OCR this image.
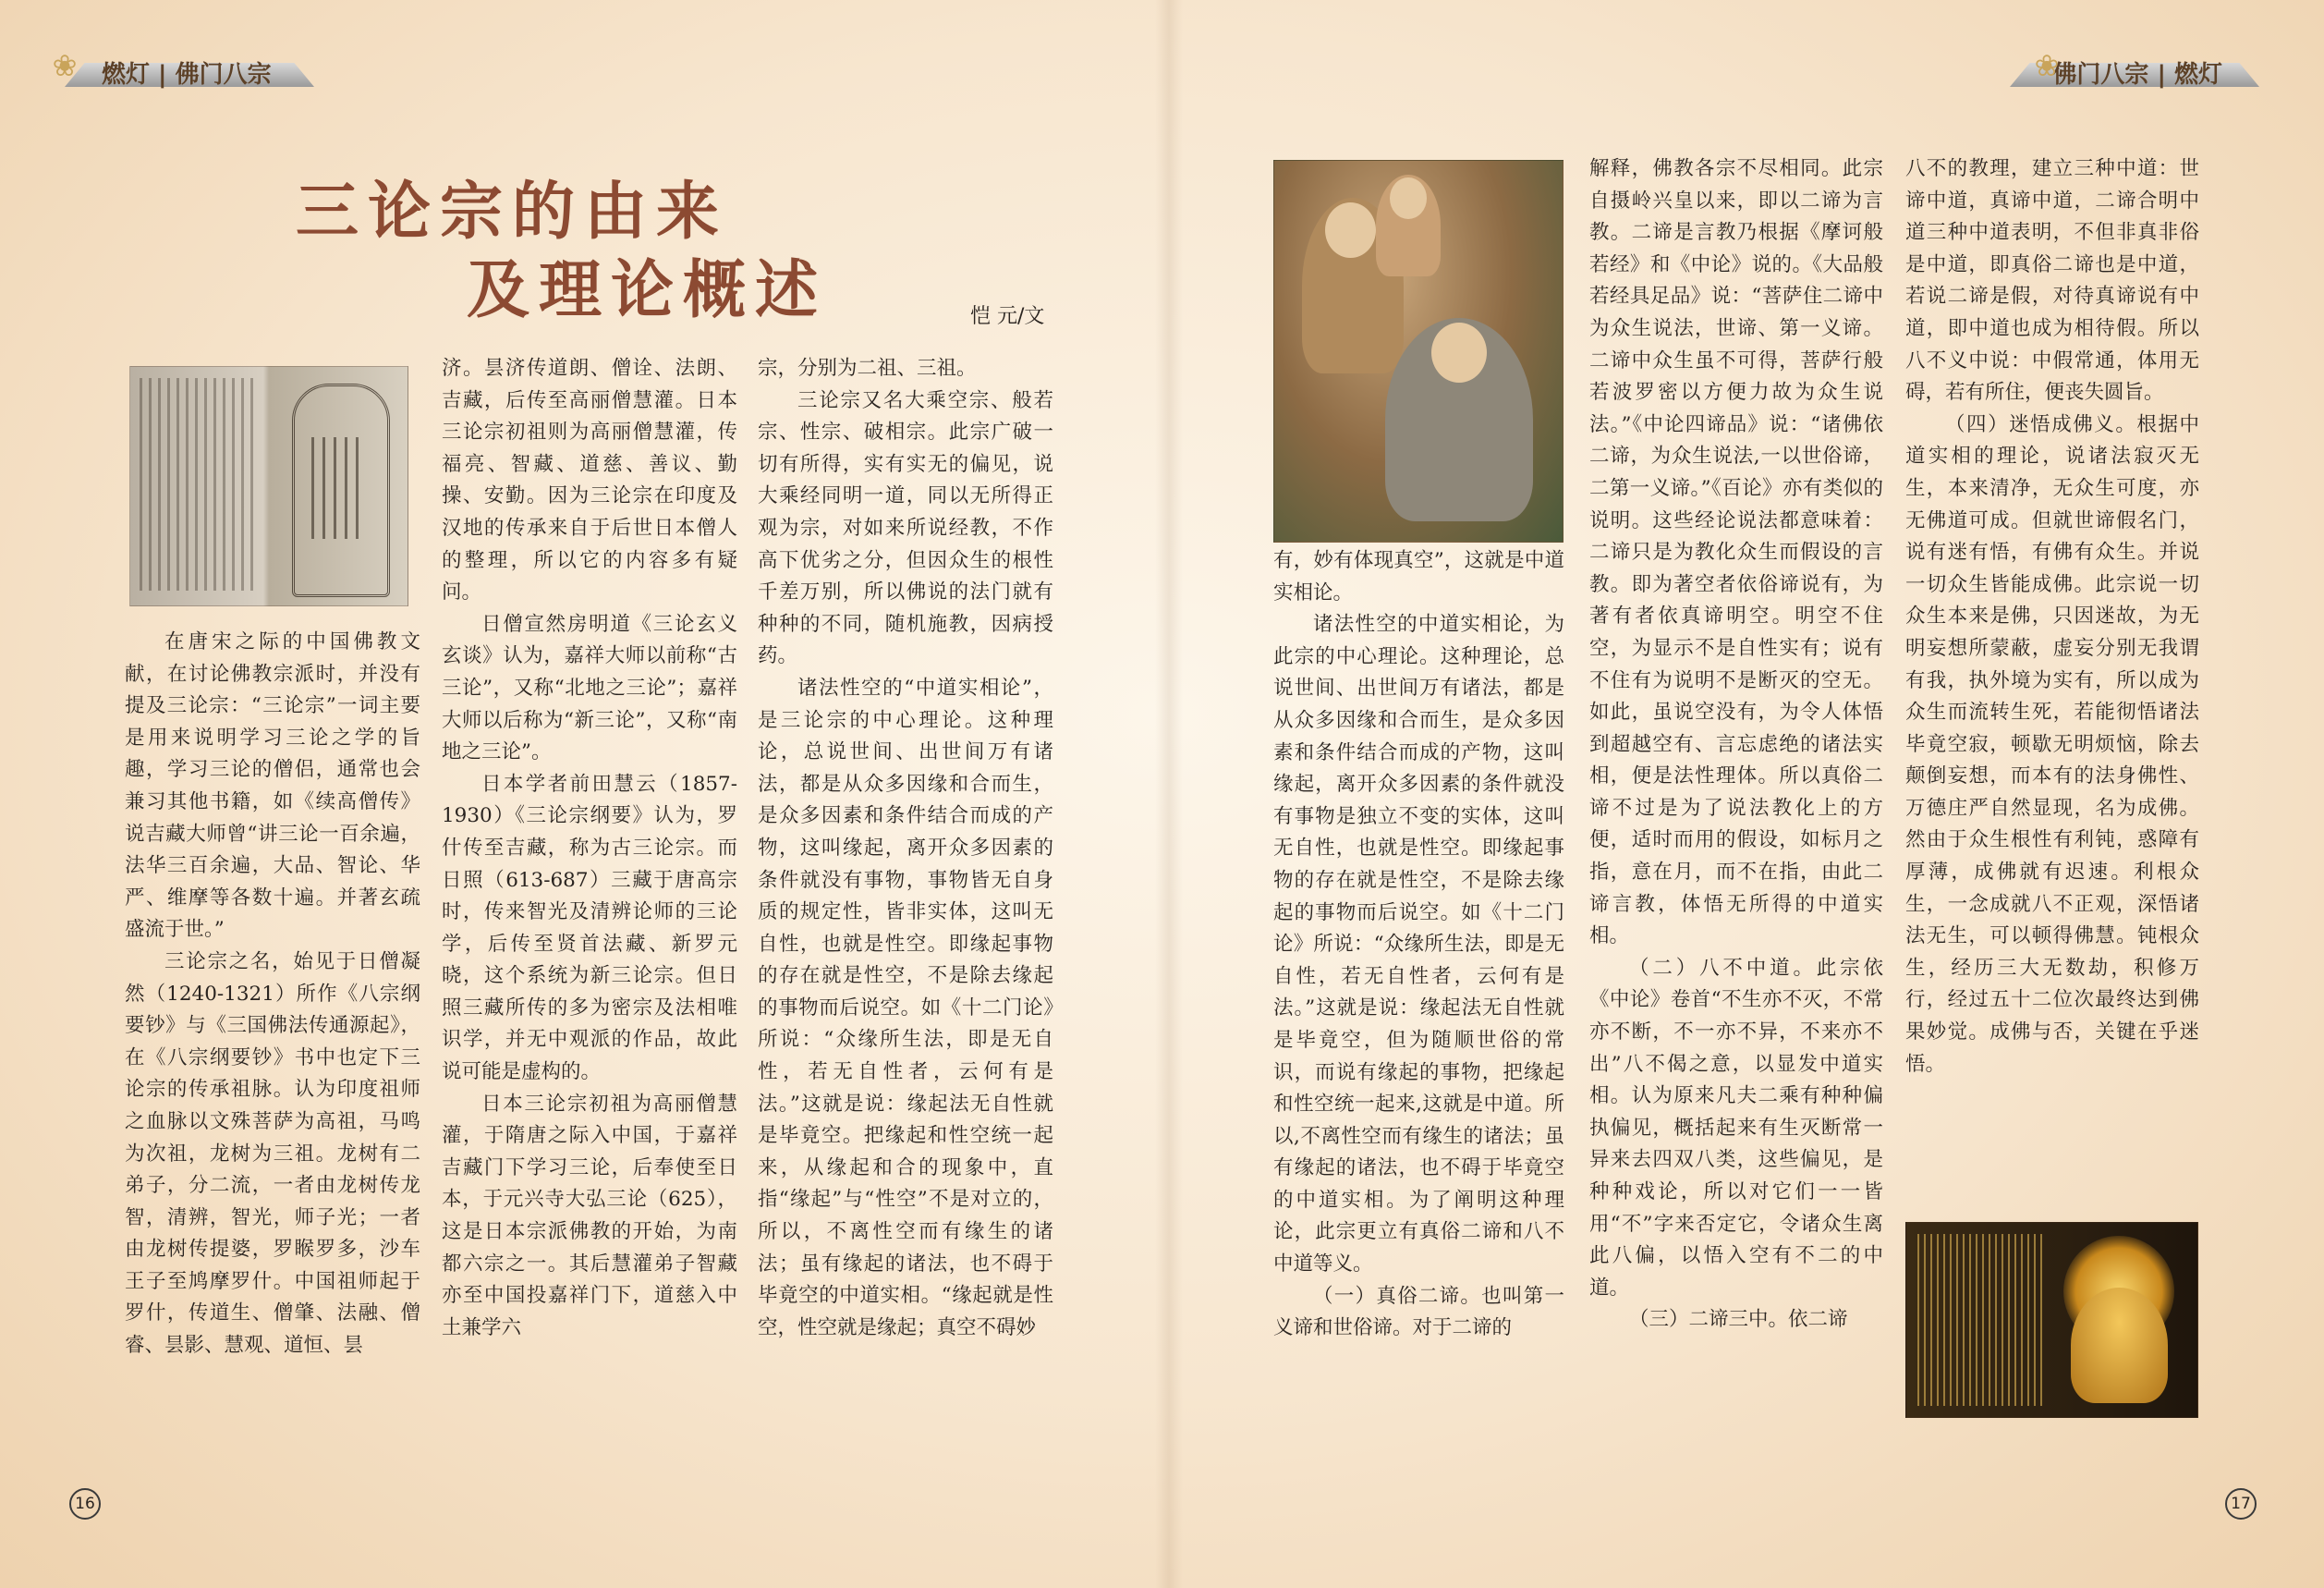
❀	燃灯 | 佛门八宗	❀
佛门八宗 | 燃灯
三论宗的由来
及理论概述	恺 元/文

在唐宋之际的中国佛教文献，在讨论佛教宗派时，并没有提及三论宗：“三论宗”一词主要是用来说明学习三论之学的旨趣，学习三论的僧侣，通常也会兼习其他书籍，如《续高僧传》说吉藏大师曾“讲三论一百余遍，法华三百余遍，大品、智论、华严、维摩等各数十遍。并著玄疏盛流于世。”

三论宗之名，始见于日僧凝然（1240-1321）所作《八宗纲要钞》与《三国佛法传通源起》，在《八宗纲要钞》书中也定下三论宗的传承祖脉。认为印度祖师之血脉以文殊菩萨为高祖，马鸣为次祖，龙树为三祖。龙树有二弟子，分二流，一者由龙树传龙智，清辨，智光，师子光；一者由龙树传提婆，罗睺罗多，沙车王子至鸠摩罗什。中国祖师起于罗什，传道生、僧肇、法融、僧睿、昙影、慧观、道恒、昙

济。昙济传道朗、僧诠、法朗、吉藏，后传至高丽僧慧灌。日本三论宗初祖则为高丽僧慧灌，传福亮、智藏、道慈、善议、勤操、安勤。因为三论宗在印度及汉地的传承来自于后世日本僧人的整理，所以它的内容多有疑问。

日僧宣然房明道《三论玄义玄谈》认为，嘉祥大师以前称“古三论”，又称“北地之三论”；嘉祥大师以后称为“新三论”，又称“南地之三论”。

日本学者前田慧云（1857-1930）《三论宗纲要》认为，罗什传至吉藏，称为古三论宗。而日照（613-687）三藏于唐高宗时，传来智光及清辨论师的三论学，后传至贤首法藏、新罗元晓，这个系统为新三论宗。但日照三藏所传的多为密宗及法相唯识学，并无中观派的作品，故此说可能是虚构的。

日本三论宗初祖为高丽僧慧灌，于隋唐之际入中国，于嘉祥吉藏门下学习三论，后奉使至日本，于元兴寺大弘三论（625），这是日本宗派佛教的开始，为南都六宗之一。其后慧灌弟子智藏亦至中国投嘉祥门下，道慈入中土兼学六

宗，分别为二祖、三祖。

三论宗又名大乘空宗、般若宗、性宗、破相宗。此宗广破一切有所得，实有实无的偏见，说大乘经同明一道，同以无所得正观为宗，对如来所说经教，不作高下优劣之分，但因众生的根性千差万别，所以佛说的法门就有种种的不同，随机施教，因病授药。

诸法性空的“中道实相论”，是三论宗的中心理论。这种理论，总说世间、出世间万有诸法，都是从众多因缘和合而生，是众多因素和条件结合而成的产物，这叫缘起，离开众多因素的条件就没有事物，事物皆无自身质的规定性，皆非实体，这叫无自性，也就是性空。即缘起事物的存在就是性空，不是除去缘起的事物而后说空。如《十二门论》所说：“众缘所生法，即是无自性，若无自性者，云何有是法。”这就是说：缘起法无自性就是毕竟空。把缘起和性空统一起来，从缘起和合的现象中，直指“缘起”与“性空”不是对立的，所以，不离性空而有缘生的诸法；虽有缘起的诸法，也不碍于毕竟空的中道实相。“缘起就是性空，性空就是缘起；真空不碍妙

有，妙有体现真空”，这就是中道实相论。

诸法性空的中道实相论，为此宗的中心理论。这种理论，总说世间、出世间万有诸法，都是从众多因缘和合而生，是众多因素和条件结合而成的产物，这叫缘起，离开众多因素的条件就没有事物是独立不变的实体，这叫无自性，也就是性空。即缘起事物的存在就是性空，不是除去缘起的事物而后说空。如《十二门论》所说：“众缘所生法，即是无自性，若无自性者，云何有是法。”这就是说：缘起法无自性就是毕竟空，但为随顺世俗的常识，而说有缘起的事物，把缘起和性空统一起来,这就是中道。所以,不离性空而有缘生的诸法；虽有缘起的诸法，也不碍于毕竟空的中道实相。为了阐明这种理论，此宗更立有真俗二谛和八不中道等义。

（一）真俗二谛。也叫第一义谛和世俗谛。对于二谛的

解释，佛教各宗不尽相同。此宗自摄岭兴皇以来，即以二谛为言教。二谛是言教乃根据《摩诃般若经》和《中论》说的。《大品般若经具足品》说：“菩萨住二谛中为众生说法，世谛、第一义谛。二谛中众生虽不可得，菩萨行般若波罗密以方便力故为众生说法。”《中论四谛品》说：“诸佛依二谛，为众生说法,一以世俗谛，二第一义谛。”《百论》亦有类似的说明。这些经论说法都意味着：二谛只是为教化众生而假设的言教。即为著空者依俗谛说有，为著有者依真谛明空。明空不住空，为显示不是自性实有；说有不住有为说明不是断灭的空无。如此，虽说空没有，为令人体悟到超越空有、言忘虑绝的诸法实相，便是法性理体。所以真俗二谛不过是为了说法教化上的方便，适时而用的假设，如标月之指，意在月，而不在指，由此二谛言教，体悟无所得的中道实相。

（二）八不中道。此宗依《中论》卷首“不生亦不灭，不常亦不断，不一亦不异，不来亦不出”八不偈之意，以显发中道实相。认为原来凡夫二乘有种种偏执偏见，概括起来有生灭断常一异来去四双八类，这些偏见，是种种戏论，所以对它们一一皆用“不”字来否定它，令诸众生离此八偏，以悟入空有不二的中道。

（三）二谛三中。依二谛

八不的教理，建立三种中道：世谛中道，真谛中道，二谛合明中道三种中道表明，不但非真非俗是中道，即真俗二谛也是中道，若说二谛是假，对待真谛说有中道，即中道也成为相待假。所以八不义中说：中假常通，体用无碍，若有所住，便丧失圆旨。

（四）迷悟成佛义。根据中道实相的理论，说诸法寂灭无生，本来清净，无众生可度，亦无佛道可成。但就世谛假名门，说有迷有悟，有佛有众生。并说一切众生皆能成佛。此宗说一切众生本来是佛，只因迷故，为无明妄想所蒙蔽，虚妄分别无我谓有我，执外境为实有，所以成为众生而流转生死，若能彻悟诸法毕竟空寂，顿歇无明烦恼，除去颠倒妄想，而本有的法身佛性、万德庄严自然显现，名为成佛。然由于众生根性有利钝，惑障有厚薄，成佛就有迟速。利根众生，一念成就八不正观，深悟诸法无生，可以顿得佛慧。钝根众生，经历三大无数劫，积修万行，经过五十二位次最终达到佛果妙觉。成佛与否，关键在乎迷悟。

16	17
